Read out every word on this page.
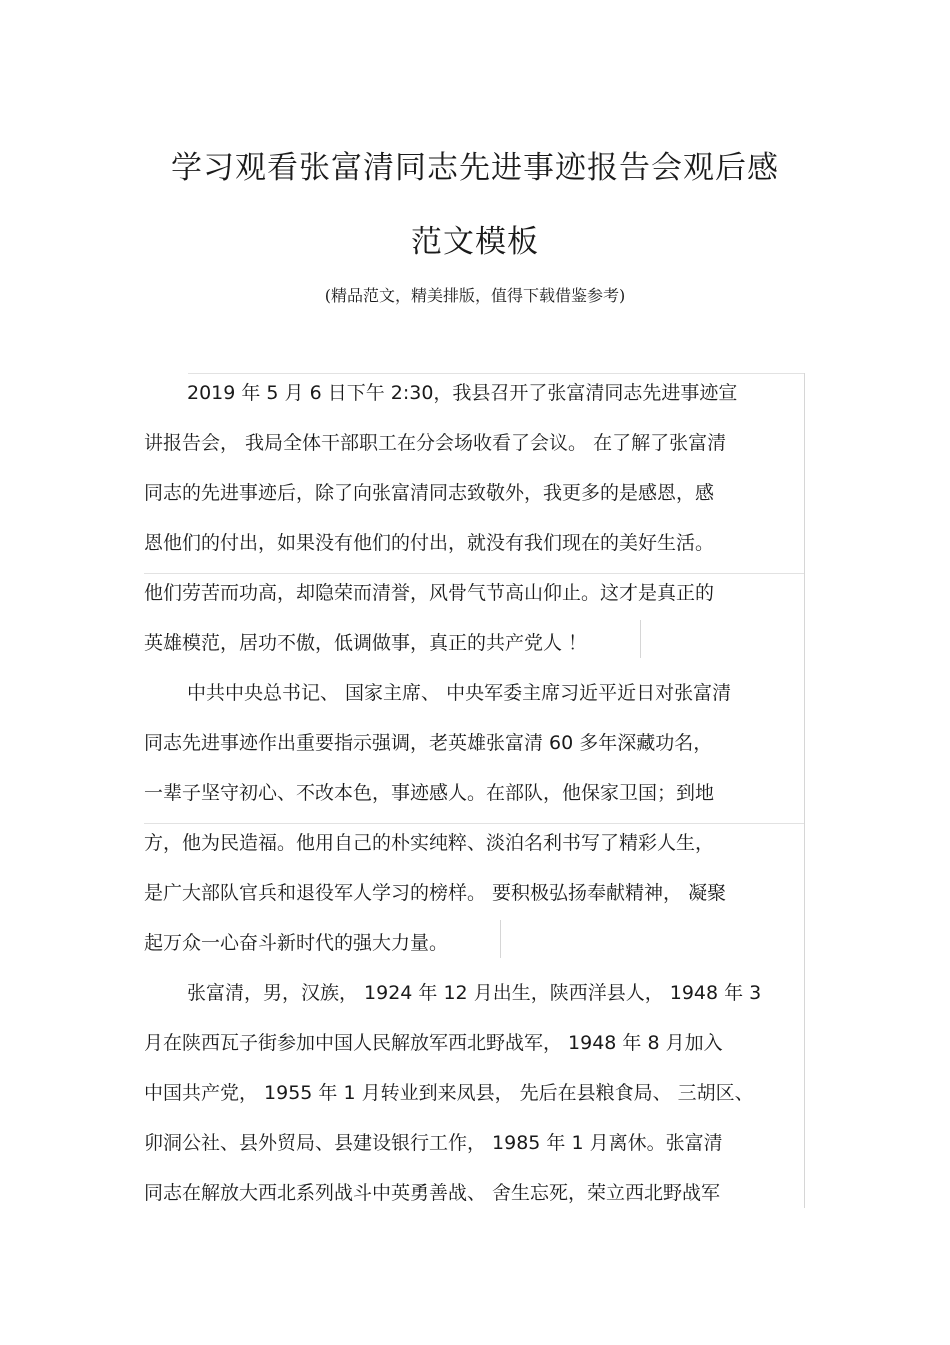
学习观看张富清同志先进事迹报告会观后感
范文模板
(精品范文，精美排版，值得下载借鉴参考)
2019 年 5 月 6 日下午 2:30，我县召开了张富清同志先进事迹宣
讲报告会， 我局全体干部职工在分会场收看了会议。 在了解了张富清
同志的先进事迹后，除了向张富清同志致敬外，我更多的是感恩，感
恩他们的付出，如果没有他们的付出，就没有我们现在的美好生活。
他们劳苦而功高，却隐荣而清誉，风骨气节高山仰止。这才是真正的
英雄模范，居功不傲，低调做事，真正的共产党人 ！
中共中央总书记、 国家主席、 中央军委主席习近平近日对张富清
同志先进事迹作出重要指示强调，老英雄张富清 60 多年深藏功名，
一辈子坚守初心、不改本色，事迹感人。在部队，他保家卫国；到地
方，他为民造福。他用自己的朴实纯粹、淡泊名利书写了精彩人生，
是广大部队官兵和退役军人学习的榜样。 要积极弘扬奉献精神， 凝聚
起万众一心奋斗新时代的强大力量。
张富清，男，汉族， 1924 年 12 月出生，陕西洋县人， 1948 年 3
月在陕西瓦子街参加中国人民解放军西北野战军， 1948 年 8 月加入
中国共产党， 1955 年 1 月转业到来凤县， 先后在县粮食局、 三胡区、
卯洞公社、县外贸局、县建设银行工作， 1985 年 1 月离休。张富清
同志在解放大西北系列战斗中英勇善战、 舍生忘死，荣立西北野战军
